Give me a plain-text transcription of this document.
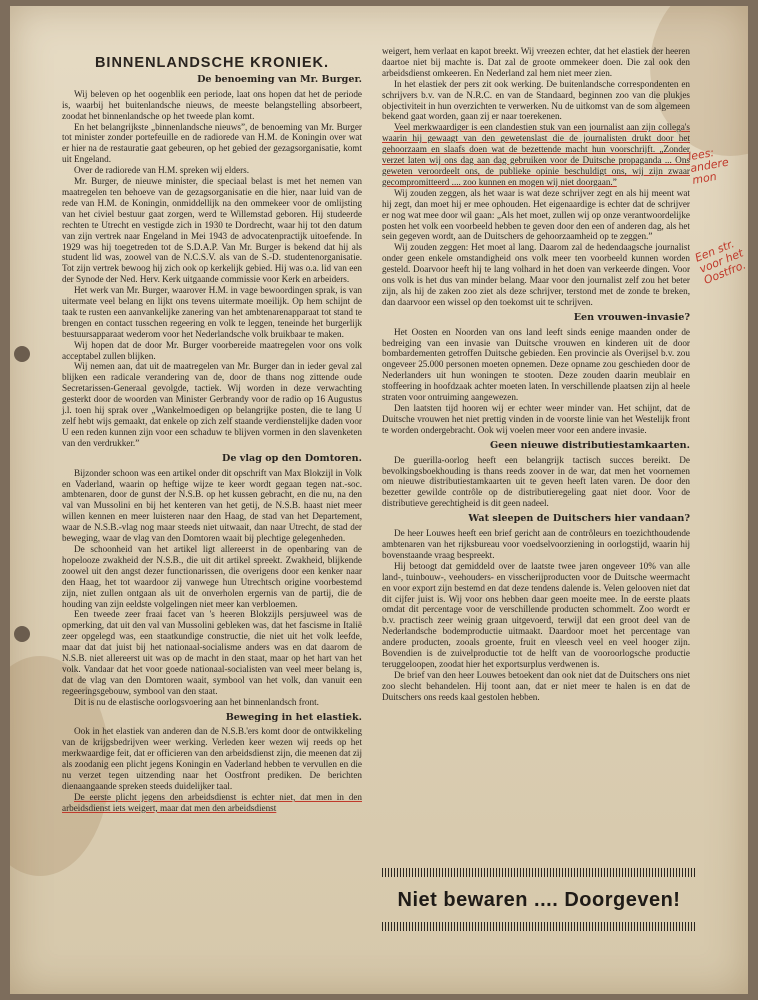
BINNENLANDSCHE KRONIEK.
De benoeming van Mr. Burger.

Wij beleven op het oogenblik een periode, laat ons hopen dat het de periode is, waarbij het buitenlandsche nieuws, de meeste belangstelling absorbeert, zoodat het binnenlandsche op het tweede plan komt.

En het belangrijkste „binnenlandsche nieuws”, de benoeming van Mr. Burger tot minister zonder portefeuille en de radiorede van H.M. de Koningin over wat er hier na de restauratie gaat gebeuren, op het gebied der gezagsorganisatie, komt uit Engeland.

Over de radiorede van H.M. spreken wij elders.

Mr. Burger, de nieuwe minister, die speciaal belast is met het nemen van maatregelen ten behoeve van de gezagsorganisatie en die hier, naar luid van de rede van H.M. de Koningin, onmiddellijk na den ommekeer voor de omlijsting van het civiel bestuur gaat zorgen, werd te Willemstad geboren. Hij studeerde rechten te Utrecht en vestigde zich in 1930 te Dordrecht, waar hij tot den datum van zijn vertrek naar Engeland in Mei 1943 de advocatenpractijk uitoefende. In 1929 was hij toegetreden tot de S.D.A.P. Van Mr. Burger is bekend dat hij als student lid was, zoowel van de N.C.S.V. als van de S.-D. studentenorganisatie. Tot zijn vertrek bewoog hij zich ook op kerkelijk gebied. Hij was o.a. lid van een der Synode der Ned. Herv. Kerk uitgaande commissie voor Kerk en arbeiders.

Het werk van Mr. Burger, waarover H.M. in vage bewoordingen sprak, is van uitermate veel belang en lijkt ons tevens uitermate moeilijk. Op hem schijnt de taak te rusten een aanvankelijke zanering van het ambtenarenapparaat tot stand te brengen en contact tusschen regeering en volk te leggen, teneinde het burgerlijk bestuursapparaat wederom voor het Nederlandsche volk bruikbaar te maken.

Wij hopen dat de door Mr. Burger voorbereide maatregelen voor ons volk acceptabel zullen blijken.

Wij nemen aan, dat uit de maatregelen van Mr. Burger dan in ieder geval zal blijken een radicale verandering van de, door de thans nog zittende oude Secretarissen-Generaal gevolgde, tactiek. Wij worden in deze verwachting gesterkt door de woorden van Minister Gerbrandy voor de radio op 16 Augustus j.l. toen hij sprak over „Wankelmoedigen op belangrijke posten, die te lang U zelf hebt wijs gemaakt, dat enkele op zich zelf staande verdienstelijke daden voor U een reden kunnen zijn voor een schaduw te blijven vormen in den slavenketen van den verdrukker.”

De vlag op den Domtoren.

Bijzonder schoon was een artikel onder dit opschrift van Max Blokzijl in Volk en Vaderland, waarin op heftige wijze te keer wordt gegaan tegen nat.-soc. ambtenaren, door de gunst der N.S.B. op het kussen gebracht, en die nu, na den val van Mussolini en bij het kenteren van het getij, de N.S.B. haast niet meer willen kennen en meer luisteren naar den Haag, de stad van het Departement, waar de N.S.B.-vlag nog maar steeds niet uitwaait, dan naar Utrecht, de stad der beweging, waar de vlag van den Domtoren waait bij plechtige gelegenheden.

De schoonheid van het artikel ligt allereerst in de openbaring van de hopelooze zwakheid der N.S.B., die uit dit artikel spreekt. Zwakheid, blijkende zoowel uit den angst dezer functionarissen, die overigens door een kenker naar den Haag, het tot waardoor zij vanwege hun Utrechtsch origine voorbestemd zijn, niet zullen ontgaan als uit de onverholen ergernis van de partij, die de houding van zijn eeldste volgelingen niet meer kan verbloemen.

Een tweede zeer fraai facet van 's heeren Blokzijls persjuweel was de opmerking, dat uit den val van Mussolini gebleken was, dat het fascisme in Italië zeer opgelegd was, een staatkundige constructie, die niet uit het volk leefde, maar dat dat juist bij het nationaal-socialisme anders was en dat daarom de N.S.B. niet allereerst uit was op de macht in den staat, maar op het hart van het volk. Vandaar dat het voor goede nationaal-socialisten van veel meer belang is, dat de vlag van den Domtoren waait, symbool van het volk, dan vanuit een regeeringsgebouw, symbool van den staat.

Dit is nu de elastische oorlogsvoering aan het binnenlandsch front.

Beweging in het elastiek.

Ook in het elastiek van anderen dan de N.S.B.'ers komt door de ontwikkeling van de krijgsbedrijven weer werking. Verleden keer wezen wij reeds op het merkwaardige feit, dat er officieren van den arbeidsdienst zijn, die meenen dat zij als zoodanig een plicht jegens Koningin en Vaderland hebben te vervullen en die nu verzet tegen uitzending naar het Oostfront prediken. De berichten dienaangaande spreken steeds duidelijker taal.

De eerste plicht jegens den arbeidsdienst is echter niet, dat men in den arbeidsdienst iets weigert, maar dat men den arbeidsdienst

weigert, hem verlaat en kapot breekt. Wij vreezen echter, dat het elastiek der heeren daartoe niet bij machte is. Dat zal de groote ommekeer doen. Die zal ook den arbeidsdienst omkeeren. En Nederland zal hem niet meer zien.

In het elastiek der pers zit ook werking. De buitenlandsche correspondenten en schrijvers b.v. van de N.R.C. en van de Standaard, beginnen zoo van die plukjes objectiviteit in hun overzichten te verwerken. Nu de uitkomst van de som algemeen bekend gaat worden, gaan zij er naar toerekenen.

Veel merkwaardiger is een clandestien stuk van een journalist aan zijn collega's waarin hij gewaagt van den gewetenslast die de journalisten drukt door het gehoorzaam en slaafs doen wat de bezettende macht hun voorschrijft. „Zonder verzet laten wij ons dag aan dag gebruiken voor de Duitsche propaganda ... Ons geweten veroordeelt ons, de publieke opinie beschuldigt ons, wij zijn zwaar gecompromitteerd .... zoo kunnen en mogen wij niet doorgaan.”

Wij zouden zeggen, als het waar is wat deze schrijver zegt en als hij meent wat hij zegt, dan moet hij er mee ophouden. Het eigenaardige is echter dat de schrijver er nog wat mee door wil gaan: „Als het moet, zullen wij op onze verantwoordelijke posten het volk een voorbeeld hebben te geven door den een of anderen dag, als het sein gegeven wordt, aan de Duitschers de gehoorzaamheid op te zeggen.”

Wij zouden zeggen: Het moet al lang. Daarom zal de hedendaagsche journalist onder geen enkele omstandigheid ons volk meer ten voorbeeld kunnen worden gesteld. Doarvoor heeft hij te lang volhard in het doen van verkeerde dingen. Voor ons volk is het dus van minder belang. Maar voor den journalist zelf zou het beter zijn, als hij de zaken zoo ziet als deze schrijver, terstond met de zonde te breken, dan daarvoor een wissel op den toekomst uit te schrijven.

Een vrouwen-invasie?

Het Oosten en Noorden van ons land leeft sinds eenige maanden onder de bedreiging van een invasie van Duitsche vrouwen en kinderen uit de door bombardementen getroffen Duitsche gebieden. Een provincie als Overijsel b.v. zou ongeveer 25.000 personen moeten opnemen. Deze opname zou geschieden door de Nederlanders uit hun woningen te stooten. Deze zouden daarin meublair en stoffeering in hoofdzaak achter moeten laten. In verschillende plaatsen zijn al heele straten voor ontruiming aangewezen.

Den laatsten tijd hooren wij er echter weer minder van. Het schijnt, dat de Duitsche vrouwen het niet prettig vinden in de voorste linie van het Westelijk front te worden ondergebracht. Ook wij voelen meer voor een andere invasie.

Geen nieuwe distributiestamkaarten.

De guerilla-oorlog heeft een belangrijk tactisch succes bereikt. De bevolkingsboekhouding is thans reeds zoover in de war, dat men het voornemen om nieuwe distributiestamkaarten uit te geven heeft laten varen. De door den bezetter gewilde contrôle op de distributieregeling gaat niet door. Voor de distributieve gerechtigheid is dit geen nadeel.

Wat sleepen de Duitschers hier vandaan?

De heer Louwes heeft een brief gericht aan de contrôleurs en toezichthoudende ambtenaren van het rijksbureau voor voedselvoorziening in oorlogstijd, waarin hij bovenstaande vraag bespreekt.

Hij betoogt dat gemiddeld over de laatste twee jaren ongeveer 10% van alle land-, tuinbouw-, veehouders- en visscherijproducten voor de Duitsche weermacht en voor export zijn bestemd en dat deze tendens dalende is. Velen gelooven niet dat dit cijfer juist is. Wij voor ons hebben daar geen moeite mee. In de eerste plaats omdat dit percentage voor de verschillende producten schommelt. Zoo wordt er b.v. practisch zeer weinig graan uitgevoerd, terwijl dat een groot deel van de Nederlandsche bodemproductie uitmaakt. Daardoor moet het percentage van andere producten, zooals groente, fruit en vleesch veel en veel hooger zijn. Bovendien is de zuivelproductie tot de helft van de vooroorlogsche productie teruggeloopen, zoodat hier het exportsurplus verdwenen is.

De brief van den heer Louwes betoekent dan ook niet dat de Duitschers ons niet zoo slecht behandelen. Hij toont aan, dat er niet meer te halen is en dat de Duitschers ons reeds kaal gestolen hebben.

Niet bewaren .... Doorgeven!
lees: andere mon
Een str. voor het Oostfro.
